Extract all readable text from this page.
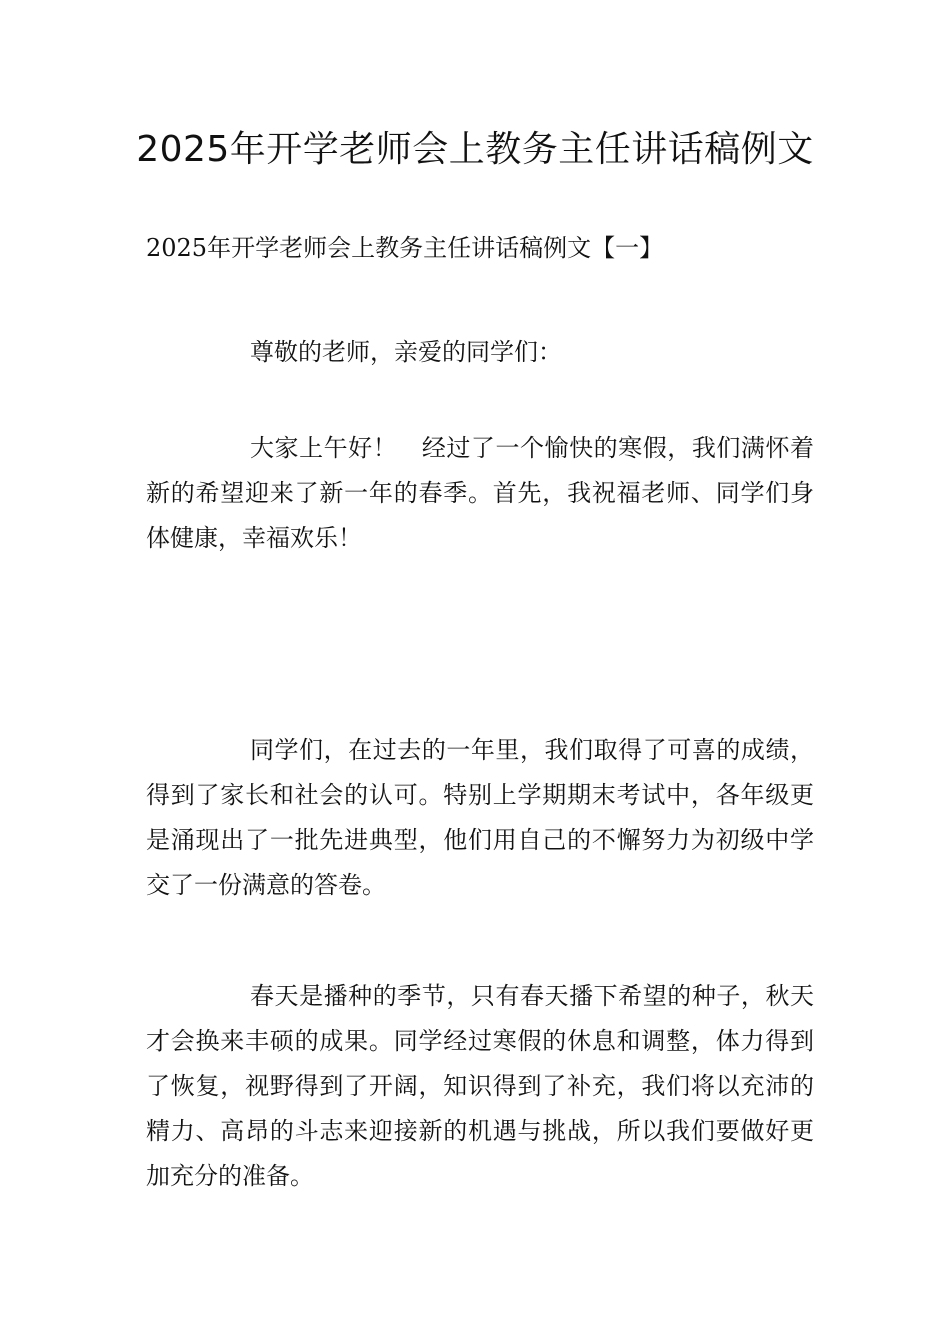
2025年开学老师会上教务主任讲话稿例文

2025年开学老师会上教务主任讲话稿例文【一】

尊敬的老师，亲爱的同学们：

大家上午好！　经过了一个愉快的寒假，我们满怀着新的希望迎来了新一年的春季。首先，我祝福老师、同学们身体健康，幸福欢乐！

同学们，在过去的一年里，我们取得了可喜的成绩，得到了家长和社会的认可。特别上学期期末考试中，各年级更是涌现出了一批先进典型，他们用自己的不懈努力为初级中学交了一份满意的答卷。

春天是播种的季节，只有春天播下希望的种子，秋天才会换来丰硕的成果。同学经过寒假的休息和调整，体力得到了恢复，视野得到了开阔，知识得到了补充，我们将以充沛的精力、高昂的斗志来迎接新的机遇与挑战，所以我们要做好更加充分的准备。
